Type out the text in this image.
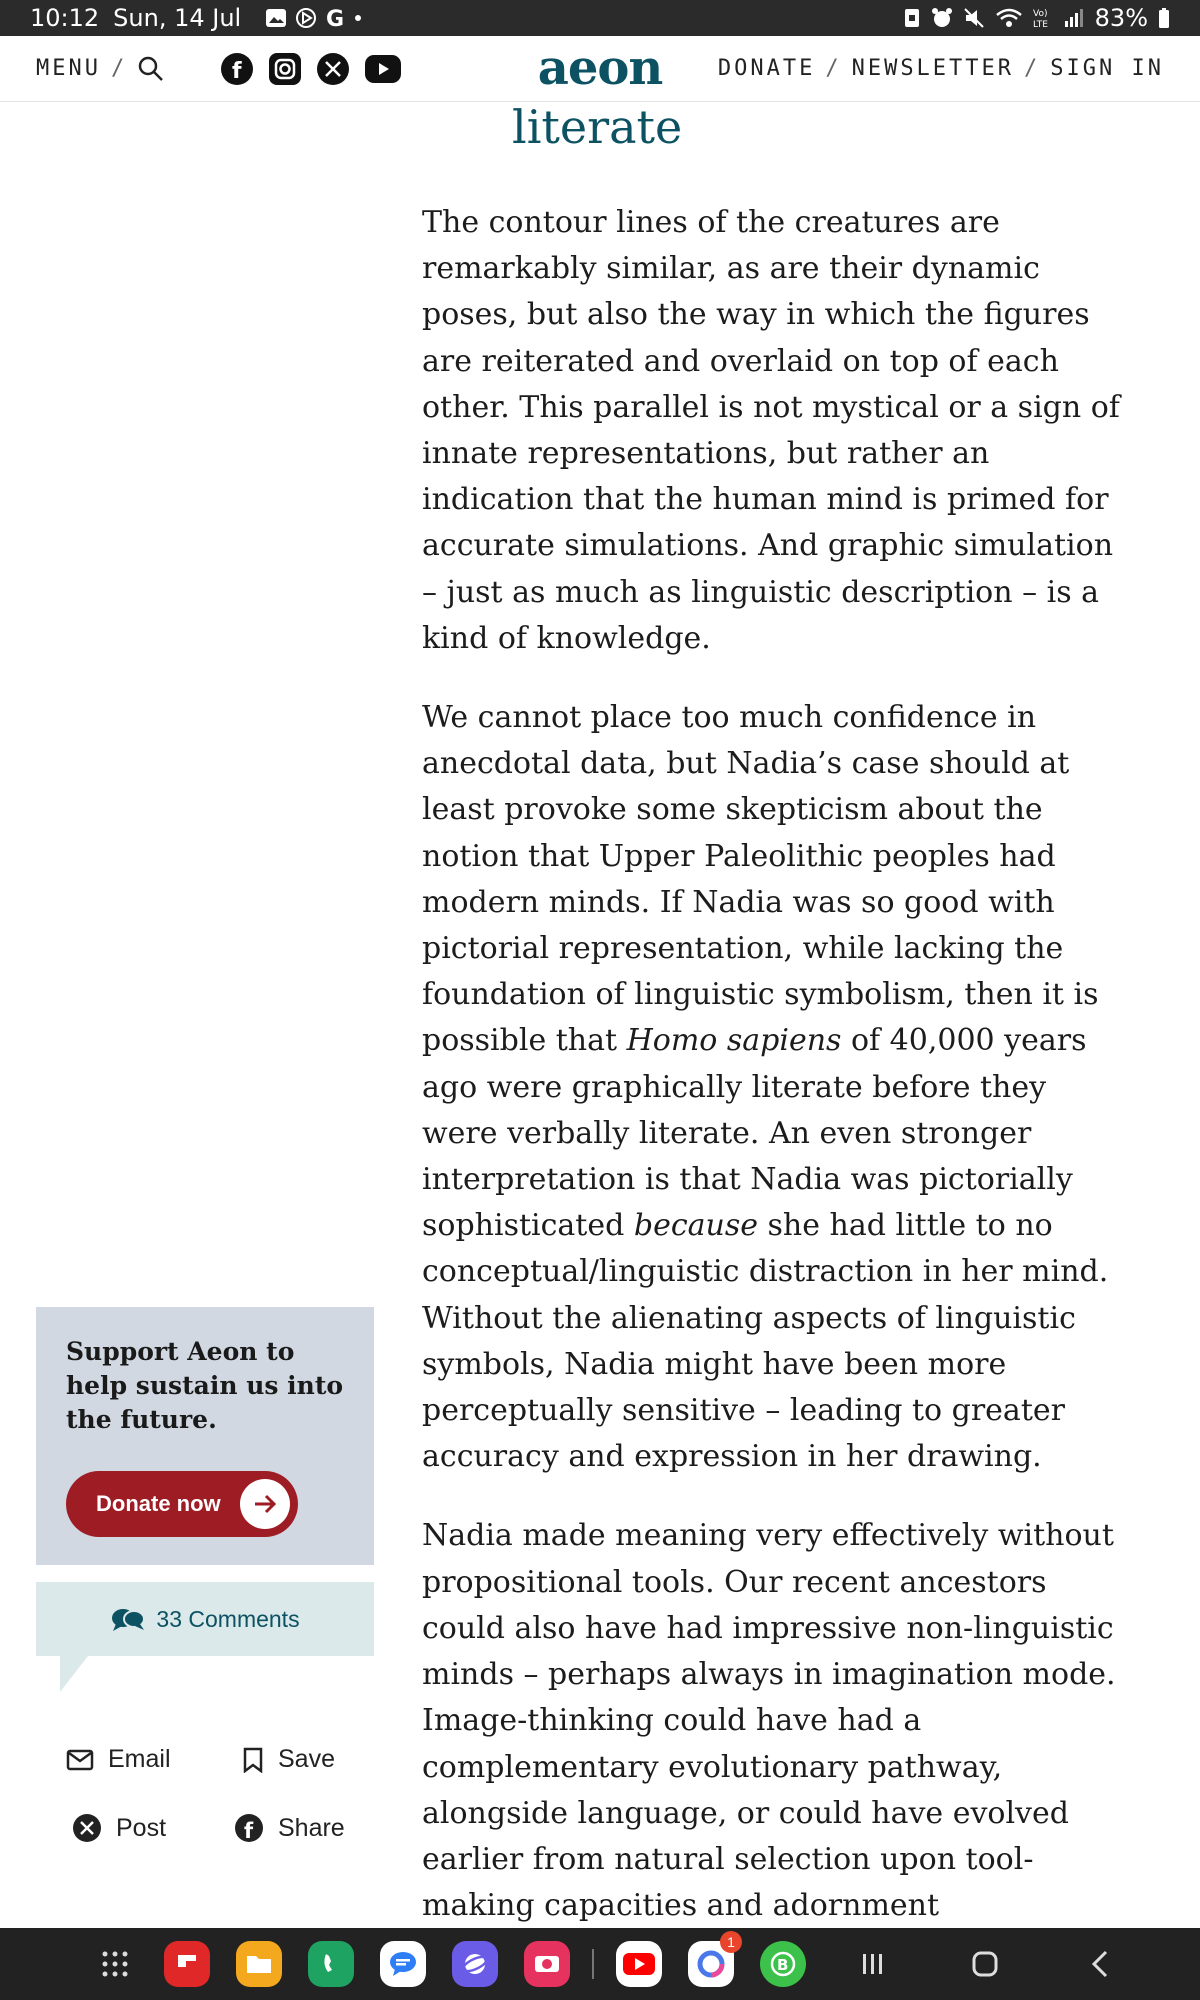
10:12 Sun, 14 Jul	G	Vo)
LTE 83%
MENU /	f	aeon	DONATE / NEWSLETTER / SIGN IN
literate

The contour lines of the creatures are remarkably similar, as are their dynamic poses, but also the way in which the figures are reiterated and overlaid on top of each other. This parallel is not mystical or a sign of innate representations, but rather an indication that the human mind is primed for accurate simulations. And graphic simulation – just as much as linguistic description – is a kind of knowledge.

We cannot place too much confidence in anecdotal data, but Nadia’s case should at least provoke some skepticism about the notion that Upper Paleolithic peoples had modern minds. If Nadia was so good with pictorial representation, while lacking the foundation of linguistic symbolism, then it is possible that Homo sapiens of 40,000 years ago were graphically literate before they were verbally literate. An even stronger interpretation is that Nadia was pictorially sophisticated because she had little to no conceptual/linguistic distraction in her mind. Without the alienating aspects of linguistic symbols, Nadia might have been more perceptually sensitive – leading to greater accuracy and expression in her drawing.

Nadia made meaning very effectively without propositional tools. Our recent ancestors could also have had impressive non-linguistic minds – perhaps always in imagination mode. Image-thinking could have had a complementary evolutionary pathway, alongside language, or could have evolved earlier from natural selection upon tool-making capacities and adornment

Support Aeon to help sustain us into the future.
Donate now
33 Comments
Email	Save
Post	f Share
1
B
